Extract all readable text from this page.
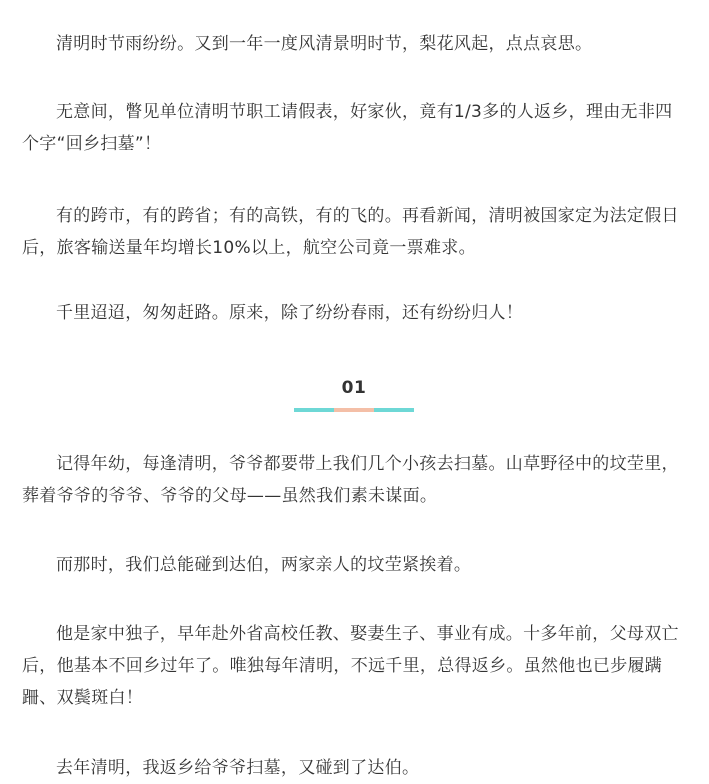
清明时节雨纷纷。又到一年一度风清景明时节，梨花风起，点点哀思。

无意间，瞥见单位清明节职工请假表，好家伙，竟有1/3多的人返乡，理由无非四个字“回乡扫墓”！

有的跨市，有的跨省；有的高铁，有的飞的。再看新闻，清明被国家定为法定假日后，旅客输送量年均增长10%以上，航空公司竟一票难求。

千里迢迢，匆匆赶路。原来，除了纷纷春雨，还有纷纷归人！

01

记得年幼，每逢清明，爷爷都要带上我们几个小孩去扫墓。山草野径中的坟茔里，葬着爷爷的爷爷、爷爷的父母——虽然我们素未谋面。

而那时，我们总能碰到达伯，两家亲人的坟茔紧挨着。

他是家中独子，早年赴外省高校任教、娶妻生子、事业有成。十多年前，父母双亡后，他基本不回乡过年了。唯独每年清明，不远千里，总得返乡。虽然他也已步履蹒跚、双鬓斑白！

去年清明，我返乡给爷爷扫墓，又碰到了达伯。
